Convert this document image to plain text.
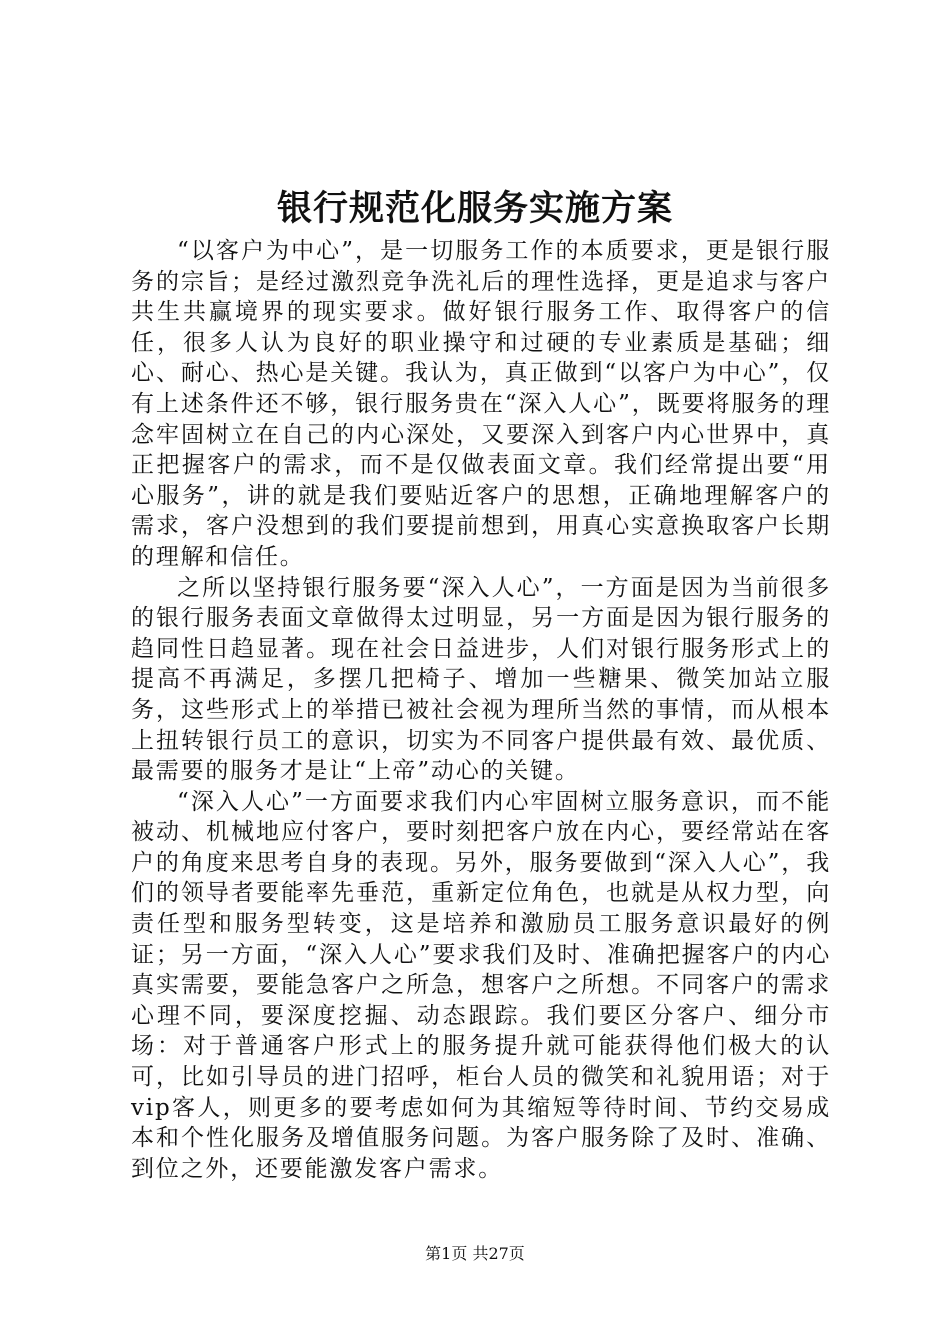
银行规范化服务实施方案

“以客户为中心”，是一切服务工作的本质要求，更是银行服务的宗旨；是经过激烈竞争洗礼后的理性选择，更是追求与客户共生共赢境界的现实要求。做好银行服务工作、取得客户的信任，很多人认为良好的职业操守和过硬的专业素质是基础；细心、耐心、热心是关键。我认为，真正做到“以客户为中心”，仅有上述条件还不够，银行服务贵在“深入人心”，既要将服务的理念牢固树立在自己的内心深处，又要深入到客户内心世界中，真正把握客户的需求，而不是仅做表面文章。我们经常提出要“用心服务”，讲的就是我们要贴近客户的思想，正确地理解客户的需求，客户没想到的我们要提前想到，用真心实意换取客户长期的理解和信任。

之所以坚持银行服务要“深入人心”，一方面是因为当前很多的银行服务表面文章做得太过明显，另一方面是因为银行服务的趋同性日趋显著。现在社会日益进步，人们对银行服务形式上的提高不再满足，多摆几把椅子、增加一些糖果、微笑加站立服务，这些形式上的举措已被社会视为理所当然的事情，而从根本上扭转银行员工的意识，切实为不同客户提供最有效、最优质、最需要的服务才是让“上帝”动心的关键。

“深入人心”一方面要求我们内心牢固树立服务意识，而不能被动、机械地应付客户，要时刻把客户放在内心，要经常站在客户的角度来思考自身的表现。另外，服务要做到“深入人心”，我们的领导者要能率先垂范，重新定位角色，也就是从权力型，向责任型和服务型转变，这是培养和激励员工服务意识最好的例证；另一方面，“深入人心”要求我们及时、准确把握客户的内心真实需要，要能急客户之所急，想客户之所想。不同客户的需求心理不同，要深度挖掘、动态跟踪。我们要区分客户、细分市场：对于普通客户形式上的服务提升就可能获得他们极大的认可，比如引导员的进门招呼，柜台人员的微笑和礼貌用语；对于vip客人，则更多的要考虑如何为其缩短等待时间、节约交易成本和个性化服务及增值服务问题。为客户服务除了及时、准确、到位之外，还要能激发客户需求。

第1页 共27页
